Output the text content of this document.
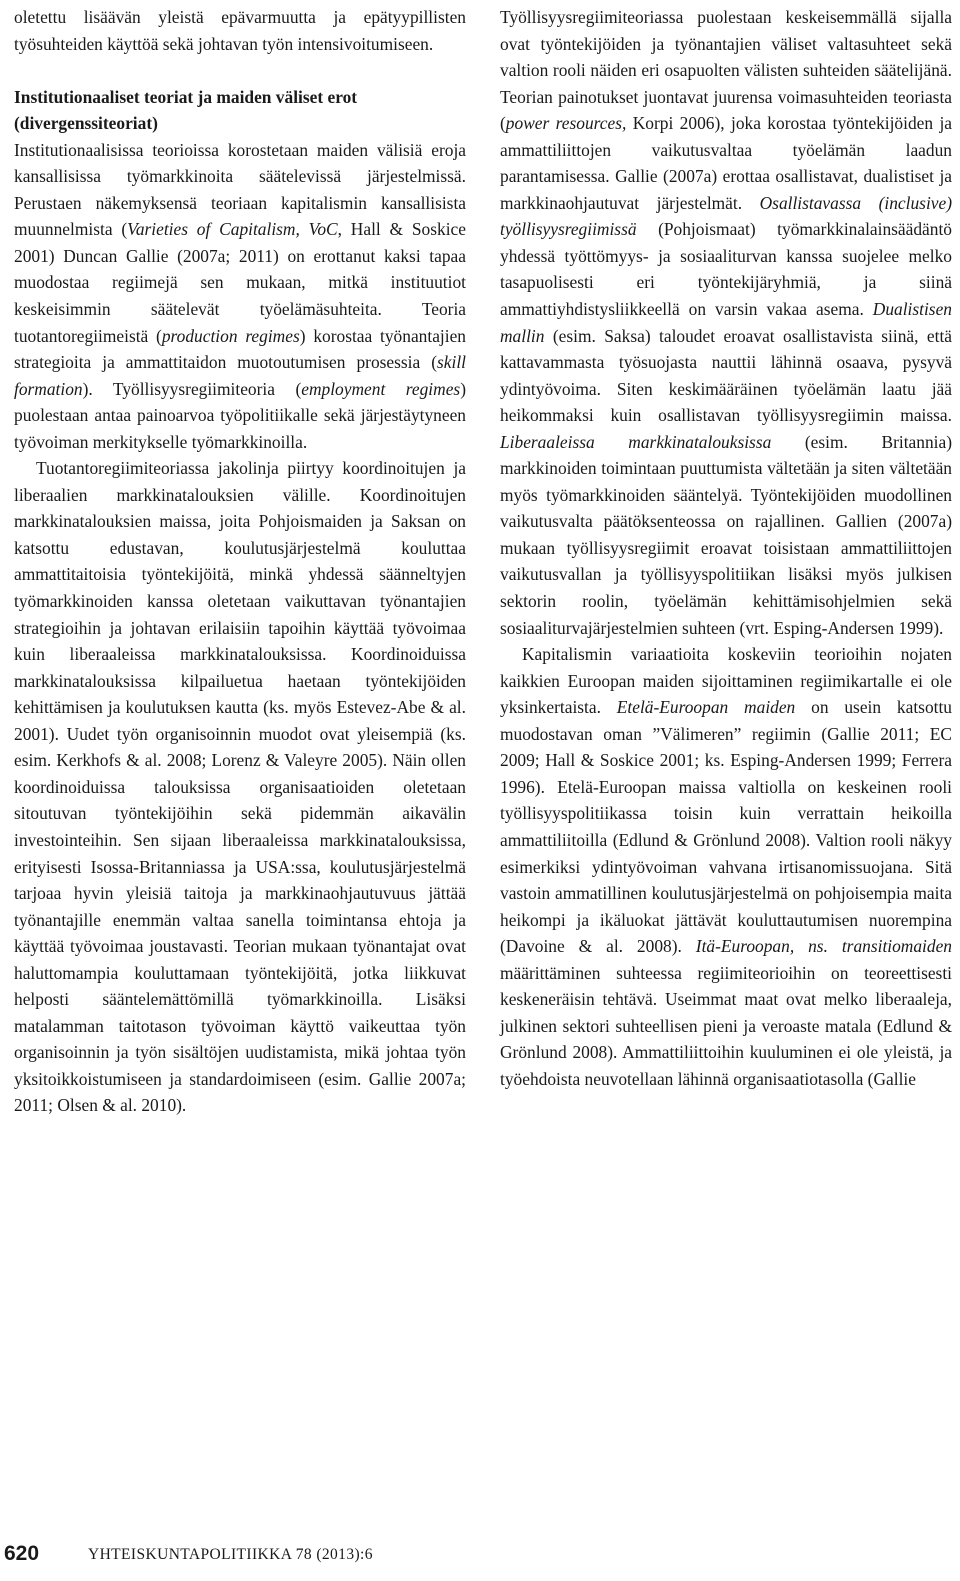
oletettu lisäävän yleistä epävarmuutta ja epätyypillisten työsuhteiden käyttöä sekä johtavan työn intensivoitumiseen.

Institutionaaliset teoriat ja maiden väliset erot (divergenssiteoriat)

Institutionaalisissa teorioissa korostetaan maiden välisiä eroja kansallisissa työmarkkinoita säätelevissä järjestelmissä. Perustaen näkemyksensä teoriaan kapitalismin kansallisista muunnelmista (Varieties of Capitalism, VoC, Hall & Soskice 2001) Duncan Gallie (2007a; 2011) on erottanut kaksi tapaa muodostaa regiimejä sen mukaan, mitkä instituutiot keskeisimmin säätelevät työelämäsuhteita. Teoria tuotantoregiimeistä (production regimes) korostaa työnantajien strategioita ja ammattitaidon muotoutumisen prosessia (skill formation). Työllisyysregiimiteoria (employment regimes) puolestaan antaa painoarvoa työpolitiikalle sekä järjestäytyneen työvoiman merkitykselle työmarkkinoilla.

Tuotantoregiimiteoriassa jakolinja piirtyy koordinoitujen ja liberaalien markkinatalouksien välille. Koordinoitujen markkinatalouksien maissa, joita Pohjoismaiden ja Saksan on katsottu edustavan, koulutusjärjestelmä kouluttaa ammattitaitoisia työntekijöitä, minkä yhdessä säänneltyjen työmarkkinoiden kanssa oletetaan vaikuttavan työnantajien strategioihin ja johtavan erilaisiin tapoihin käyttää työvoimaa kuin liberaaleissa markkinatalouksissa. Koordinoiduissa markkinatalouksissa kilpailuetua haetaan työntekijöiden kehittämisen ja koulutuksen kautta (ks. myös Estevez-Abe & al. 2001). Uudet työn organisoinnin muodot ovat yleisempiä (ks. esim. Kerkhofs & al. 2008; Lorenz & Valeyre 2005). Näin ollen koordinoiduissa talouksissa organisaatioiden oletetaan sitoutuvan työntekijöihin sekä pidemmän aikavälin investointeihin. Sen sijaan liberaaleissa markkinatalouksissa, erityisesti Isossa-Britanniassa ja USA:ssa, koulutusjärjestelmä tarjoaa hyvin yleisiä taitoja ja markkinaohjautuvuus jättää työnantajille enemmän valtaa sanella toimintansa ehtoja ja käyttää työvoimaa joustavasti. Teorian mukaan työnantajat ovat haluttomampia kouluttamaan työntekijöitä, jotka liikkuvat helposti sääntelemättömillä työmarkkinoilla. Lisäksi matalamman taitotason työvoiman käyttö vaikeuttaa työn organisoinnin ja työn sisältöjen uudistamista, mikä johtaa työn yksitoikkoistumiseen ja standardoimiseen (esim. Gallie 2007a; 2011; Olsen & al. 2010).

Työllisyysregiimiteoriassa puolestaan keskeisemmällä sijalla ovat työntekijöiden ja työnantajien väliset valtasuhteet sekä valtion rooli näiden eri osapuolten välisten suhteiden säätelijänä. Teorian painotukset juontavat juurensa voimasuhteiden teoriasta (power resources, Korpi 2006), joka korostaa työntekijöiden ja ammattiliittojen vaikutusvaltaa työelämän laadun parantamisessa. Gallie (2007a) erottaa osallistavat, dualistiset ja markkinaohjautuvat järjestelmät. Osallistavassa (inclusive) työllisyysregiimissä (Pohjoismaat) työmarkkinalainsäädäntö yhdessä työttömyys- ja sosiaaliturvan kanssa suojelee melko tasapuolisesti eri työntekijäryhmiä, ja siinä ammattiyhdistysliikkeellä on varsin vakaa asema. Dualistisen mallin (esim. Saksa) taloudet eroavat osallistavista siinä, että kattavammasta työsuojasta nauttii lähinnä osaava, pysyvä ydintyövoima. Siten keskimääräinen työelämän laatu jää heikommaksi kuin osallistavan työllisyysregiimin maissa. Liberaaleissa markkinatalouksissa (esim. Britannia) markkinoiden toimintaan puuttumista vältetään ja siten vältetään myös työmarkkinoiden sääntelyä. Työntekijöiden muodollinen vaikutusvalta päätöksenteossa on rajallinen. Gallien (2007a) mukaan työllisyysregiimit eroavat toisistaan ammattiliittojen vaikutusvallan ja työllisyyspolitiikan lisäksi myös julkisen sektorin roolin, työelämän kehittämisohjelmien sekä sosiaaliturvajärjestelmien suhteen (vrt. Esping-Andersen 1999).

Kapitalismin variaatioita koskeviin teorioihin nojaten kaikkien Euroopan maiden sijoittaminen regiimikartalle ei ole yksinkertaista. Etelä-Euroopan maiden on usein katsottu muodostavan oman ”Välimeren” regiimin (Gallie 2011; EC 2009; Hall & Soskice 2001; ks. Esping-Andersen 1999; Ferrera 1996). Etelä-Euroopan maissa valtiolla on keskeinen rooli työllisyyspolitiikassa toisin kuin verrattain heikoilla ammattiliitoilla (Edlund & Grönlund 2008). Valtion rooli näkyy esimerkiksi ydintyövoiman vahvana irtisanomissuojana. Sitä vastoin ammatillinen koulutusjärjestelmä on pohjoisempia maita heikompi ja ikäluokat jättävät kouluttautumisen nuorempina (Davoine & al. 2008). Itä-Euroopan, ns. transitiomaiden määrittäminen suhteessa regiimiteorioihin on teoreettisesti keskeneräisin tehtävä. Useimmat maat ovat melko liberaaleja, julkinen sektori suhteellisen pieni ja veroaste matala (Edlund & Grönlund 2008). Ammattiliittoihin kuuluminen ei ole yleistä, ja työehdoista neuvotellaan lähinnä organisaatiotasolla (Gallie

620	YHTEISKUNTAPOLITIIKKA 78 (2013):6
